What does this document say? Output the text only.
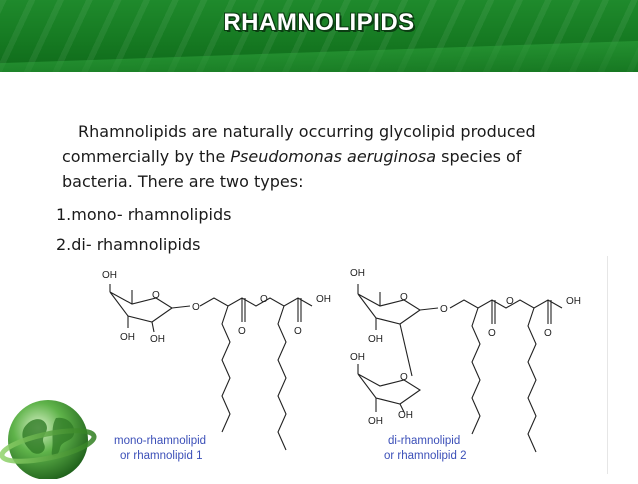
RHAMNOLIPIDS
Rhamnolipids are naturally occurring glycolipid produced
commercially by the Pseudomonas aeruginosa species of
bacteria. There are two types:
1.mono- rhamnolipids
2.di- rhamnolipids
OH
O
OH OH
O
O
O
OH
O
OH
O
OH
O
O
O
OH
O
OH
O
OH
OH
mono-rhamnolipid
or rhamnolipid 1
di-rhamnolipid
or rhamnolipid 2
